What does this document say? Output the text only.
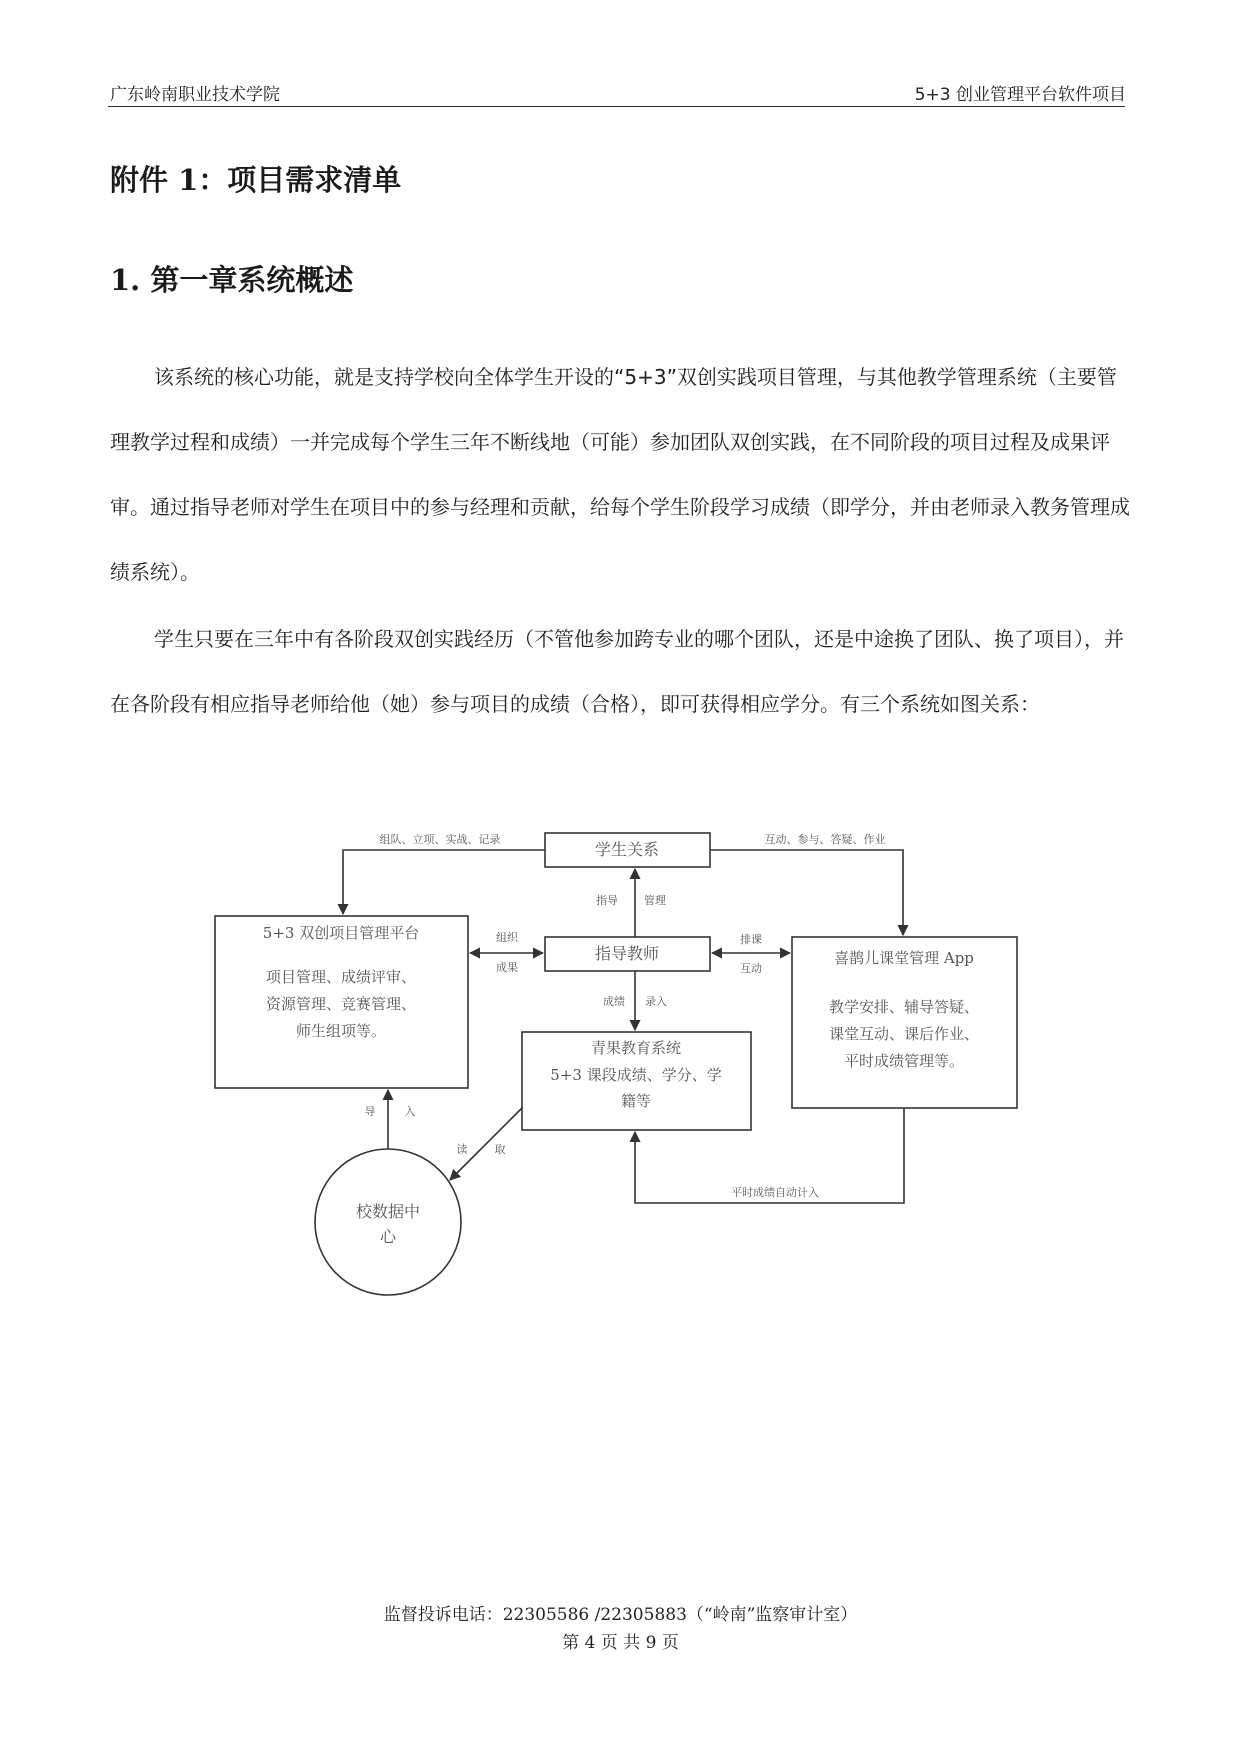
广东岭南职业技术学院	5+3 创业管理平台软件项目
附件 1：项目需求清单
1. 第一章系统概述

该系统的核心功能，就是支持学校向全体学生开设的“5+3”双创实践项目管理，与其他教学管理系统（主要管理教学过程和成绩）一并完成每个学生三年不断线地（可能）参加团队双创实践，在不同阶段的项目过程及成果评审。通过指导老师对学生在项目中的参与经理和贡献，给每个学生阶段学习成绩（即学分，并由老师录入教务管理成绩系统）。

学生只要在三年中有各阶段双创实践经历（不管他参加跨专业的哪个团队，还是中途换了团队、换了项目），并在各阶段有相应指导老师给他（她）参与项目的成绩（合格），即可获得相应学分。有三个系统如图关系：

学生关系
指导教师
5+3 双创项目管理平台
项目管理、成绩评审、
资源管理、竞赛管理、
师生组项等。
喜鹊儿课堂管理 App
教学安排、辅导答疑、
课堂互动、课后作业、
平时成绩管理等。
青果教育系统
5+3 课段成绩、学分、学
籍等
校数据中
心
组队、立项、实战、记录	互动、参与、答疑、作业
指导 管理
组织
成果
排课
互动
成绩 录入
导	入
读 取
平时成绩自动计入
监督投诉电话：22305586 /22305883（“岭南”监察审计室）
第 4 页 共 9 页
